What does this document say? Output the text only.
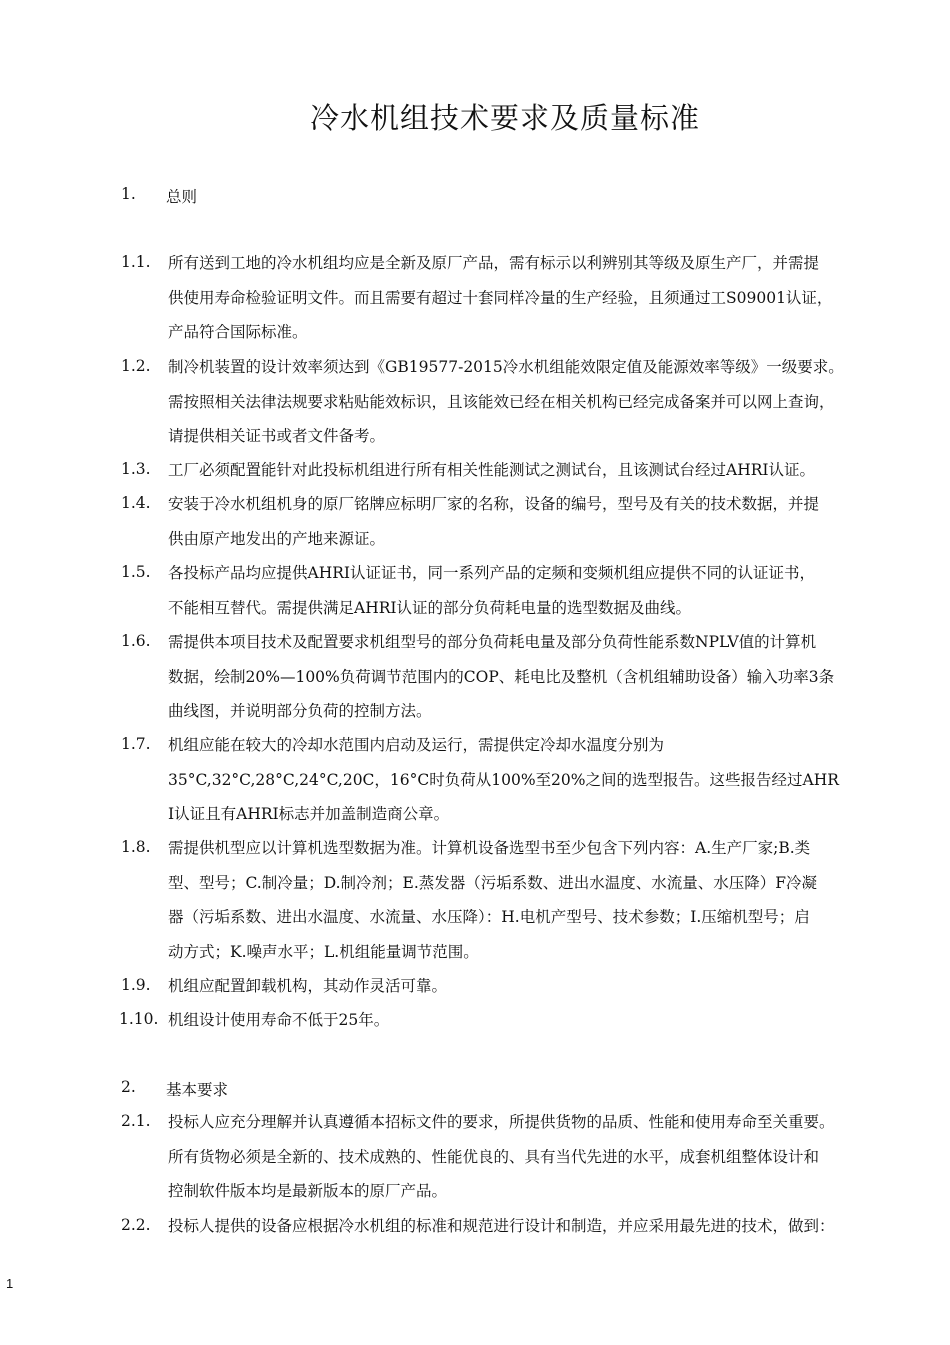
冷水机组技术要求及质量标准
1. 总则
1.1. 所有送到工地的冷水机组均应是全新及原厂产品，需有标示以利辨别其等级及原生产厂，并需提
供使用寿命检验证明文件。而且需要有超过十套同样冷量的生产经验，且须通过工S09001认证，
产品符合国际标准。
1.2. 制冷机装置的设计效率须达到《GB19577-2015冷水机组能效限定值及能源效率等级》一级要求。
需按照相关法律法规要求粘贴能效标识，且该能效已经在相关机构已经完成备案并可以网上查询，
请提供相关证书或者文件备考。
1.3. 工厂必须配置能针对此投标机组进行所有相关性能测试之测试台，且该测试台经过AHRI认证。
1.4. 安装于冷水机组机身的原厂铭牌应标明厂家的名称，设备的编号，型号及有关的技术数据，并提
供由原产地发出的产地来源证。
1.5. 各投标产品均应提供AHRI认证证书，同一系列产品的定频和变频机组应提供不同的认证证书，
不能相互替代。需提供满足AHRI认证的部分负荷耗电量的选型数据及曲线。
1.6. 需提供本项目技术及配置要求机组型号的部分负荷耗电量及部分负荷性能系数NPLV值的计算机
数据，绘制20%—100%负荷调节范围内的COP、耗电比及整机（含机组辅助设备）输入功率3条
曲线图，并说明部分负荷的控制方法。
1.7. 机组应能在较大的冷却水范围内启动及运行，需提供定冷却水温度分别为
35°C,32°C,28°C,24°C,20C，16°C时负荷从100%至20%之间的选型报告。这些报告经过AHR
I认证且有AHRI标志并加盖制造商公章。
1.8. 需提供机型应以计算机选型数据为准。计算机设备选型书至少包含下列内容：A.生产厂家;B.类
型、型号；C.制冷量；D.制冷剂；E.蒸发器（污垢系数、进出水温度、水流量、水压降）F冷凝
器（污垢系数、进出水温度、水流量、水压降）：H.电机产型号、技术参数；I.压缩机型号；启
动方式；K.噪声水平；L.机组能量调节范围。
1.9. 机组应配置卸载机构，其动作灵活可靠。
1.10. 机组设计使用寿命不低于25年。
2. 基本要求
2.1. 投标人应充分理解并认真遵循本招标文件的要求，所提供货物的品质、性能和使用寿命至关重要。
所有货物必须是全新的、技术成熟的、性能优良的、具有当代先进的水平，成套机组整体设计和
控制软件版本均是最新版本的原厂产品。
2.2. 投标人提供的设备应根据冷水机组的标准和规范进行设计和制造，并应采用最先进的技术，做到：
1
